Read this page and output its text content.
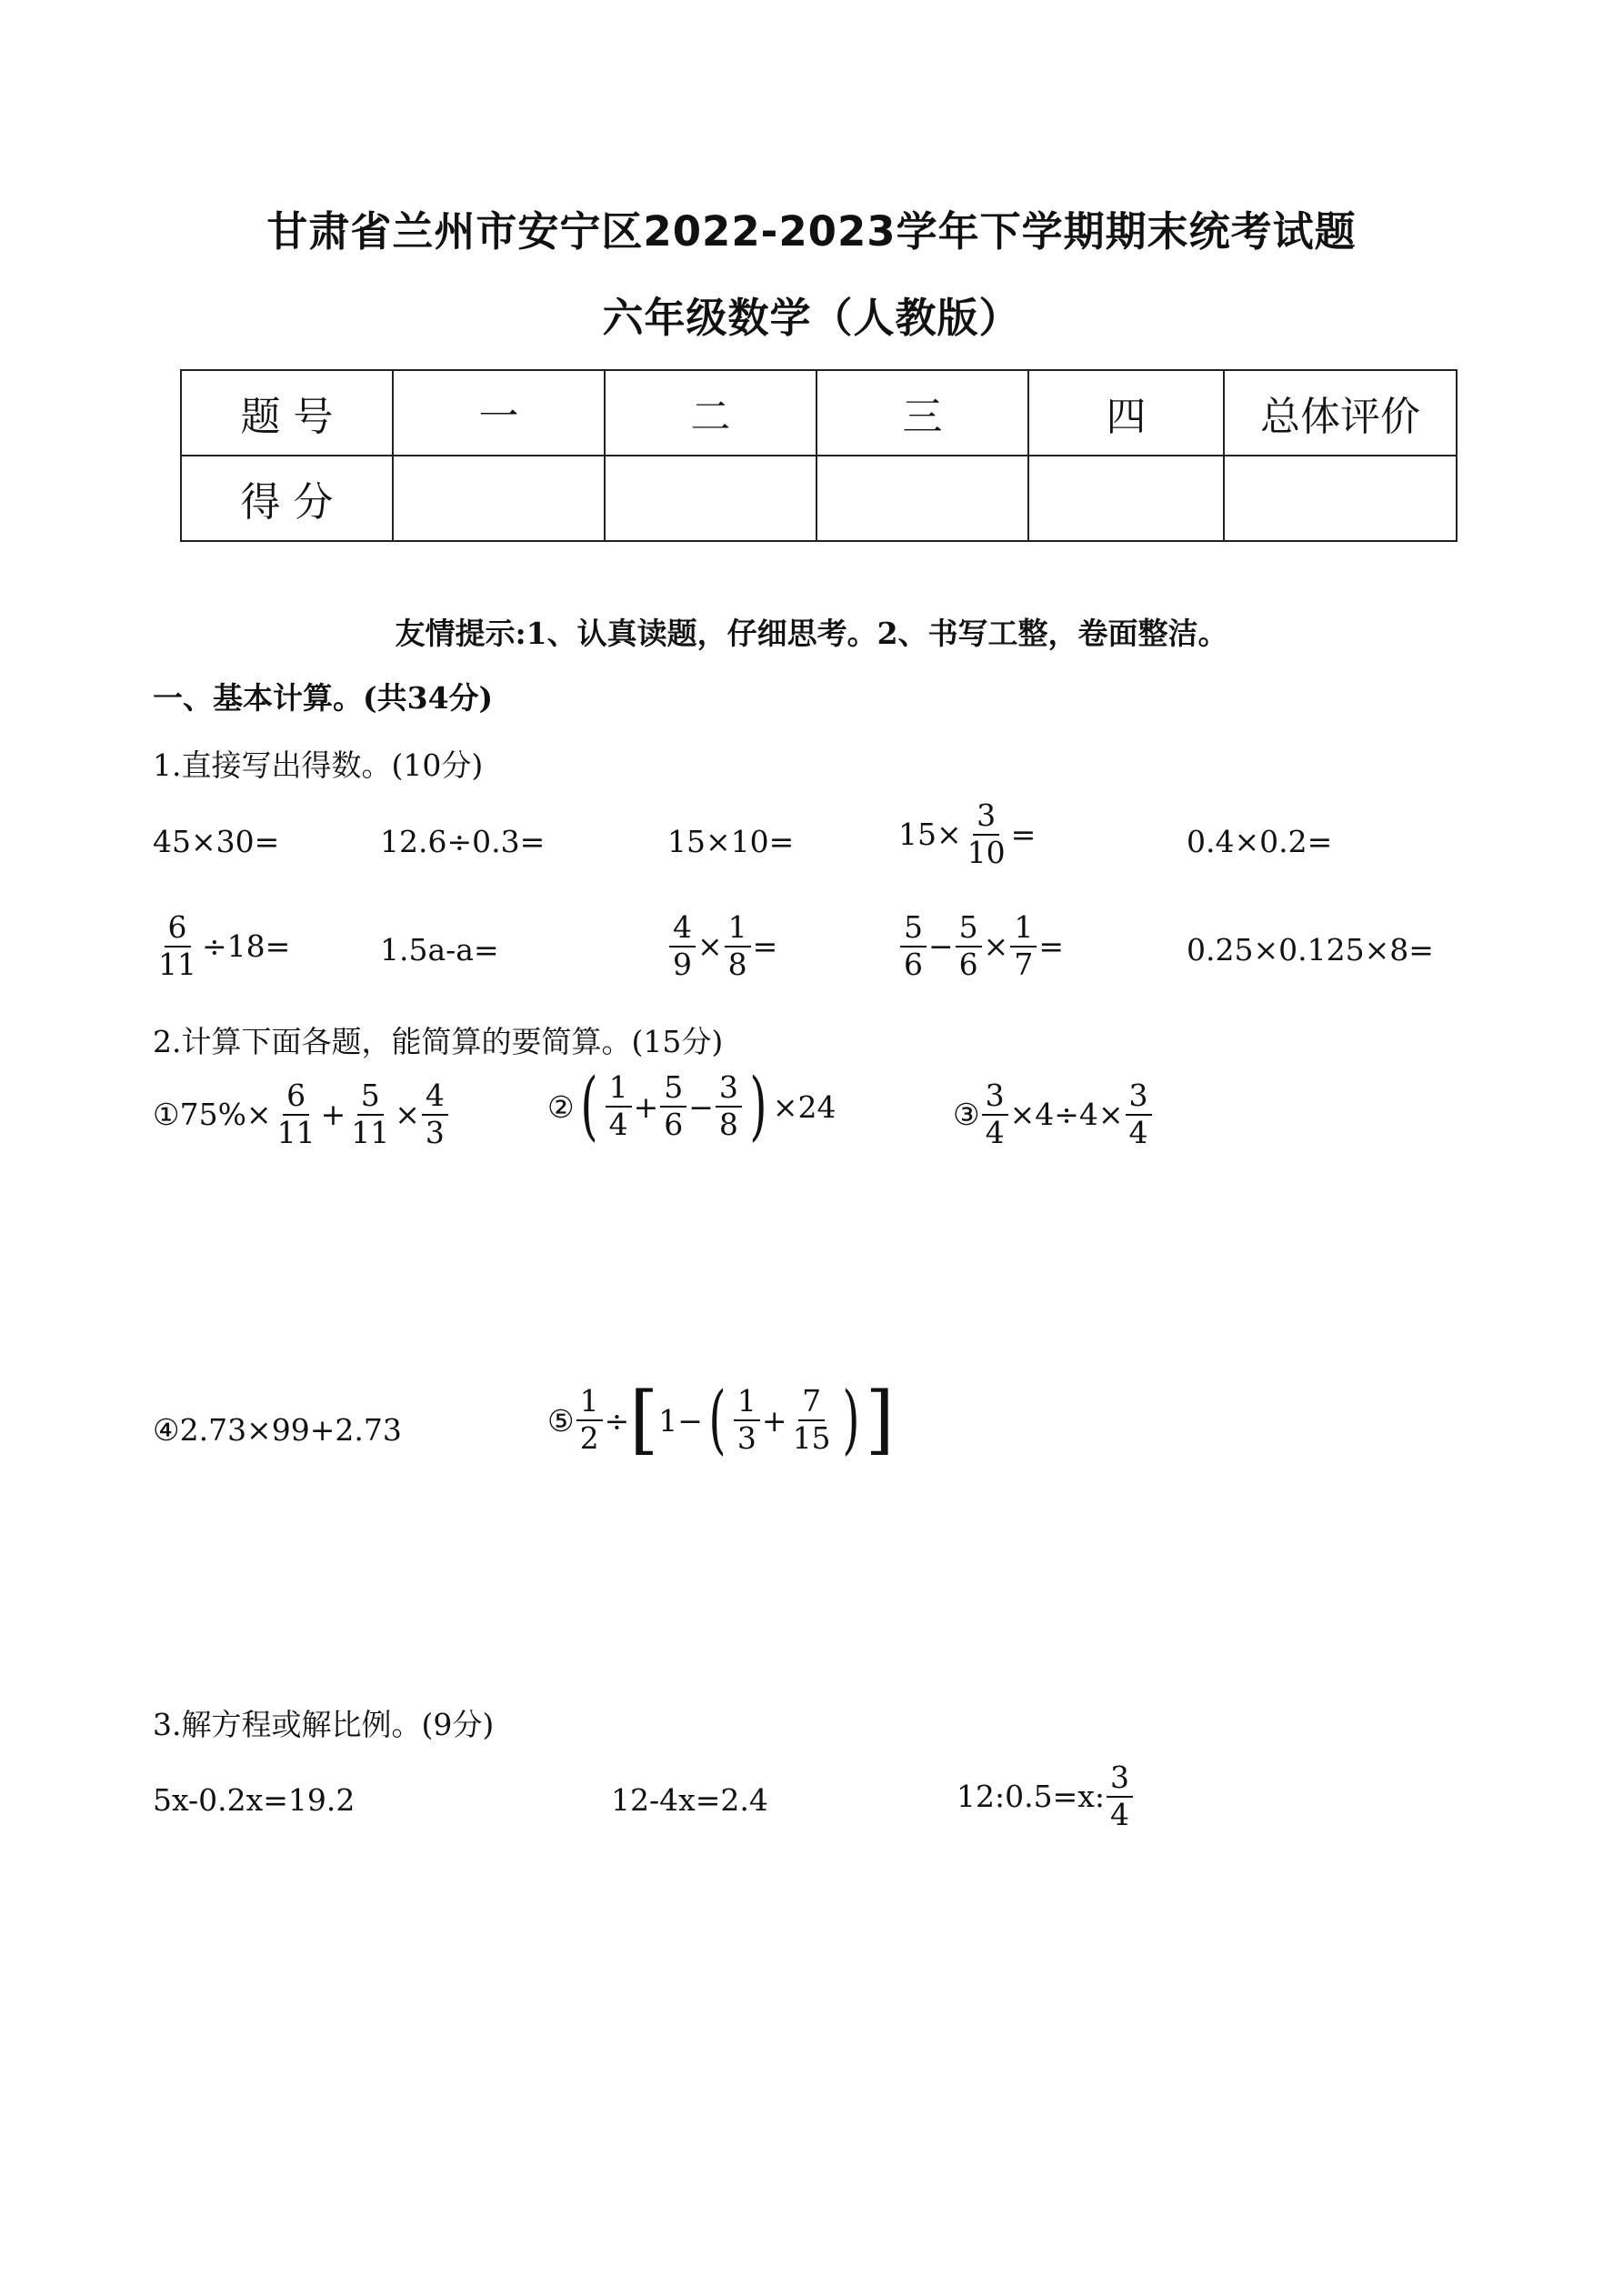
甘肃省兰州市安宁区2022-2023学年下学期期末统考试题
六年级数学（人教版）
题 号	一	二	三	四	总体评价
得 分					
友情提示:1、认真读题，仔细思考。2、书写工整，卷面整洁。
一、基本计算。(共34分)
1.直接写出得数。(10分)
45×30=	12.6÷0.3=	15×10=	$15\times \frac{3}{10}$ =	0.4×0.2=
$\frac{6}{11} \div 18=$	1.5a-a=	$\frac{4}{9} \times \frac{1}{8}$ =	$\frac{5}{6} - \frac{5}{6} \times \frac{1}{7}$ =	0.25×0.125×8=
2.计算下面各题，能简算的要简算。(15分)
①75%× $\frac{6}{11} + \frac{5}{11} \times \frac{4}{3}$	② ( $\frac{1}{4} + \frac{5}{6} - \frac{3}{8}$ ) ×24	③ $\frac{3}{4} \times 4\div 4\times \frac{3}{4}$
④2.73×99+2.73	⑤ $\frac{1}{2}$ ÷ [ 1− ( $\frac{1}{3} + \frac{7}{15}$ ) ]
3.解方程或解比例。(9分)
5x-0.2x=19.2	12-4x=2.4	12:0.5=x: $\frac{3}{4}$
